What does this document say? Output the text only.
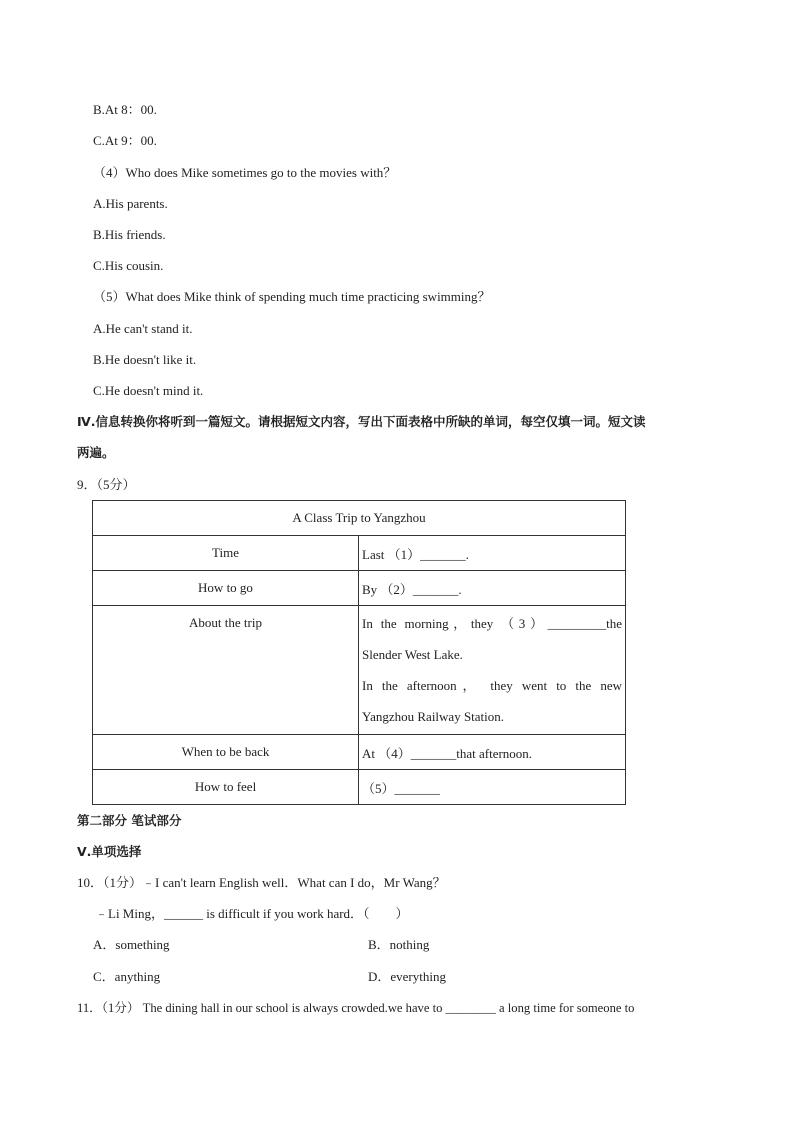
B.At 8：00.
C.At 9：00.
（4）Who does Mike sometimes go to the movies with？
A.His parents.
B.His friends.
C.His cousin.
（5）What does Mike think of spending much time practicing swimming？
A.He can't stand it.
B.He doesn't like it.
C.He doesn't mind it.
Ⅳ.信息转换你将听到一篇短文。请根据短文内容，写出下面表格中所缺的单词，每空仅填一词。短文读
两遍。
9．（5分）
A Class Trip to Yangzhou	
Time	Last （1）_______.
How to go	By （2）_______.
About the trip	In the morning，they （3）_________the

Slender West Lake.

In the afternoon， they went to the new

Yangzhou Railway Station.

When to be back	At （4）_______that afternoon.
How to feel	（5）_______
第二部分 笔试部分
Ⅴ.单项选择
10．（1分）﹣I can't learn English well．What can I do，Mr Wang？
﹣Li Ming，______ is difficult if you work hard．（　　）
A．something	B．nothing
C．anything	D．everything
11．（1分） The dining hall in our school is always crowded.we have to ________ a long time for someone to
